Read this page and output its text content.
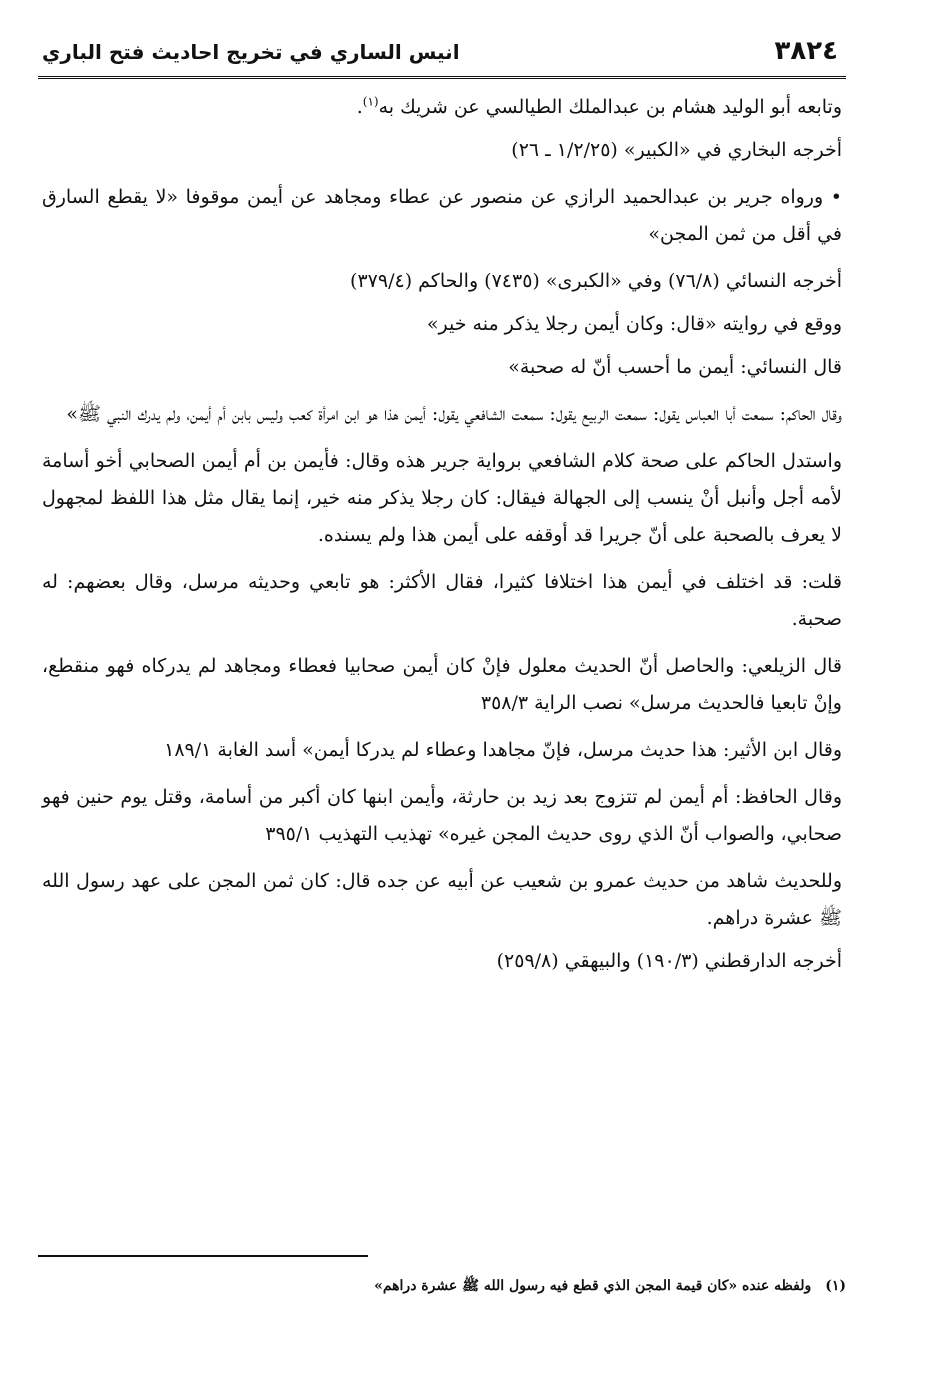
٣٨٢٤
انيس الساري في تخريج احاديث فتح الباري

وتابعه أبو الوليد هشام بن عبدالملك الطيالسي عن شريك به$^{(١)}$.

أخرجه البخاري في «الكبير» (١/٢/٢٥ ـ ٢٦)

• ورواه جرير بن عبدالحميد الرازي عن منصور عن عطاء ومجاهد عن أيمن موقوفا «لا يقطع السارق في أقل من ثمن المجن»

أخرجه النسائي (٧٦/٨) وفي «الكبرى» (٧٤٣٥) والحاكم (٣٧٩/٤)

ووقع في روايته «قال: وكان أيمن رجلا يذكر منه خير»

قال النسائي: أيمن ما أحسب أنّ له صحبة»

وقال الحاكم: سمعت أبا العباس يقول: سمعت الربيع يقول: سمعت الشافعي يقول: أيمن هذا هو ابن امرأة كعب وليس بابن أم أيمن، ولم يدرك النبي ﷺ»

واستدل الحاكم على صحة كلام الشافعي برواية جرير هذه وقال: فأيمن بن أم أيمن الصحابي أخو أسامة لأمه أجل وأنبل أنْ ينسب إلى الجهالة فيقال: كان رجلا يذكر منه خير، إنما يقال مثل هذا اللفظ لمجهول لا يعرف بالصحبة على أنّ جريرا قد أوقفه على أيمن هذا ولم يسنده.

قلت: قد اختلف في أيمن هذا اختلافا كثيرا، فقال الأكثر: هو تابعي وحديثه مرسل، وقال بعضهم: له صحبة.

قال الزيلعي: والحاصل أنّ الحديث معلول فإنْ كان أيمن صحابيا فعطاء ومجاهد لم يدركاه فهو منقطع، وإنْ تابعيا فالحديث مرسل» نصب الراية ٣٥٨/٣

وقال ابن الأثير: هذا حديث مرسل، فإنّ مجاهدا وعطاء لم يدركا أيمن» أسد الغابة ١٨٩/١

وقال الحافظ: أم أيمن لم تتزوج بعد زيد بن حارثة، وأيمن ابنها كان أكبر من أسامة، وقتل يوم حنين فهو صحابي، والصواب أنّ الذي روى حديث المجن غيره» تهذيب التهذيب ٣٩٥/١

وللحديث شاهد من حديث عمرو بن شعيب عن أبيه عن جده قال: كان ثمن المجن على عهد رسول الله ﷺ عشرة دراهم.

أخرجه الدارقطني (١٩٠/٣) والبيهقي (٢٥٩/٨)

(١)ولفظه عنده «كان قيمة المجن الذي قطع فيه رسول الله ﷺ عشرة دراهم»
